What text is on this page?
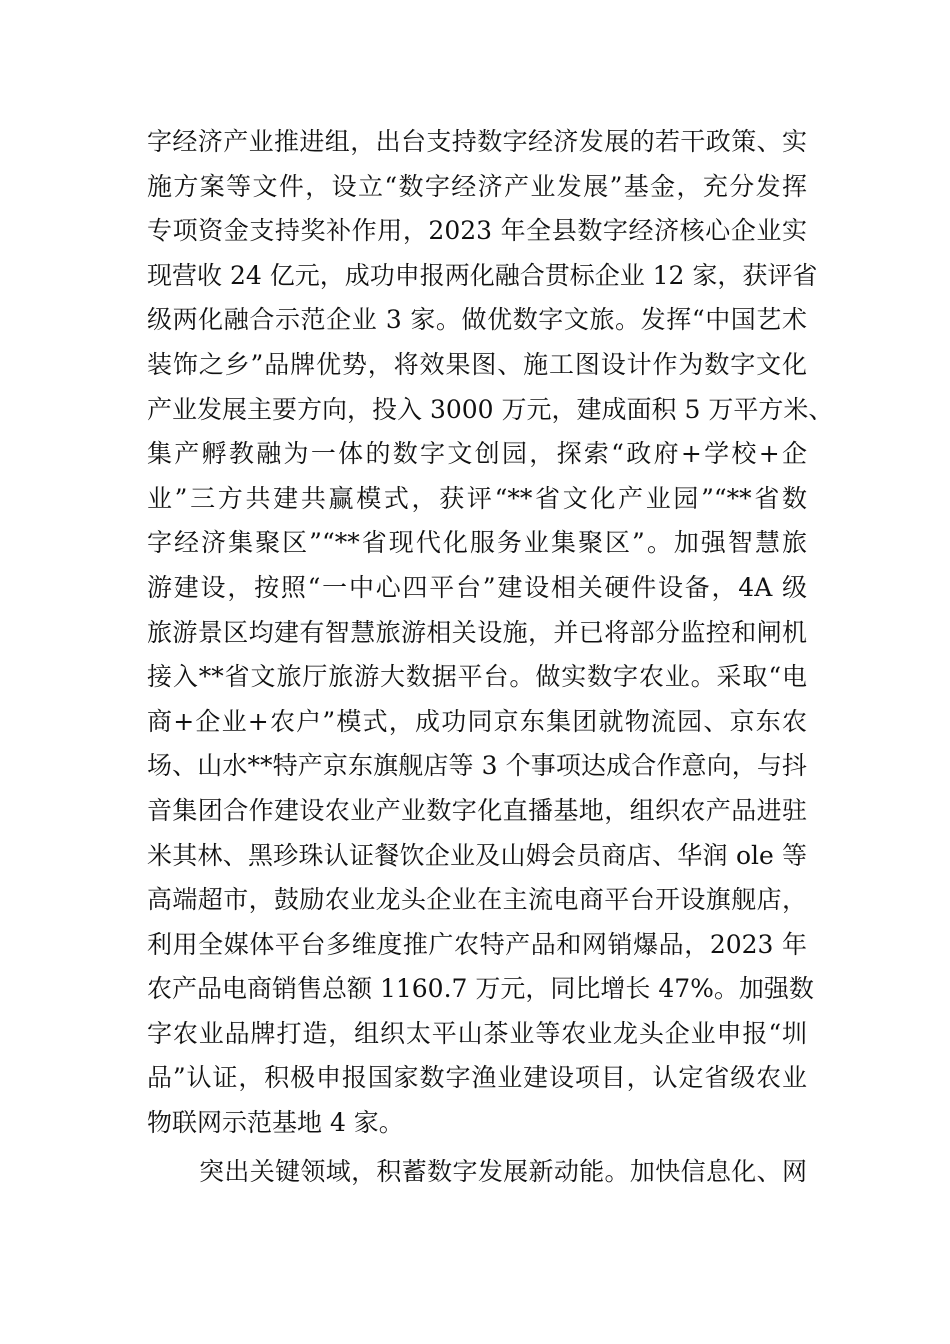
字经济产业推进组，出台支持数字经济发展的若干政策、实
施方案等文件，设立“数字经济产业发展”基金，充分发挥
专项资金支持奖补作用，2023 年全县数字经济核心企业实
现营收 24 亿元，成功申报两化融合贯标企业 12 家，获评省
级两化融合示范企业 3 家。做优数字文旅。发挥“中国艺术
装饰之乡”品牌优势，将效果图、施工图设计作为数字文化
产业发展主要方向，投入 3000 万元，建成面积 5 万平方米、
集产孵教融为一体的数字文创园，探索“政府+学校+企
业”三方共建共赢模式，获评“**省文化产业园”“**省数
字经济集聚区”“**省现代化服务业集聚区”。加强智慧旅
游建设，按照“一中心四平台”建设相关硬件设备，4A 级
旅游景区均建有智慧旅游相关设施，并已将部分监控和闸机
接入**省文旅厅旅游大数据平台。做实数字农业。采取“电
商+企业+农户”模式，成功同京东集团就物流园、京东农
场、山水**特产京东旗舰店等 3 个事项达成合作意向，与抖
音集团合作建设农业产业数字化直播基地，组织农产品进驻
米其林、黑珍珠认证餐饮企业及山姆会员商店、华润 ole 等
高端超市，鼓励农业龙头企业在主流电商平台开设旗舰店，
利用全媒体平台多维度推广农特产品和网销爆品，2023 年
农产品电商销售总额 1160.7 万元，同比增长 47%。加强数
字农业品牌打造，组织太平山茶业等农业龙头企业申报“圳
品”认证，积极申报国家数字渔业建设项目，认定省级农业
物联网示范基地 4 家。
突出关键领域，积蓄数字发展新动能。加快信息化、网
